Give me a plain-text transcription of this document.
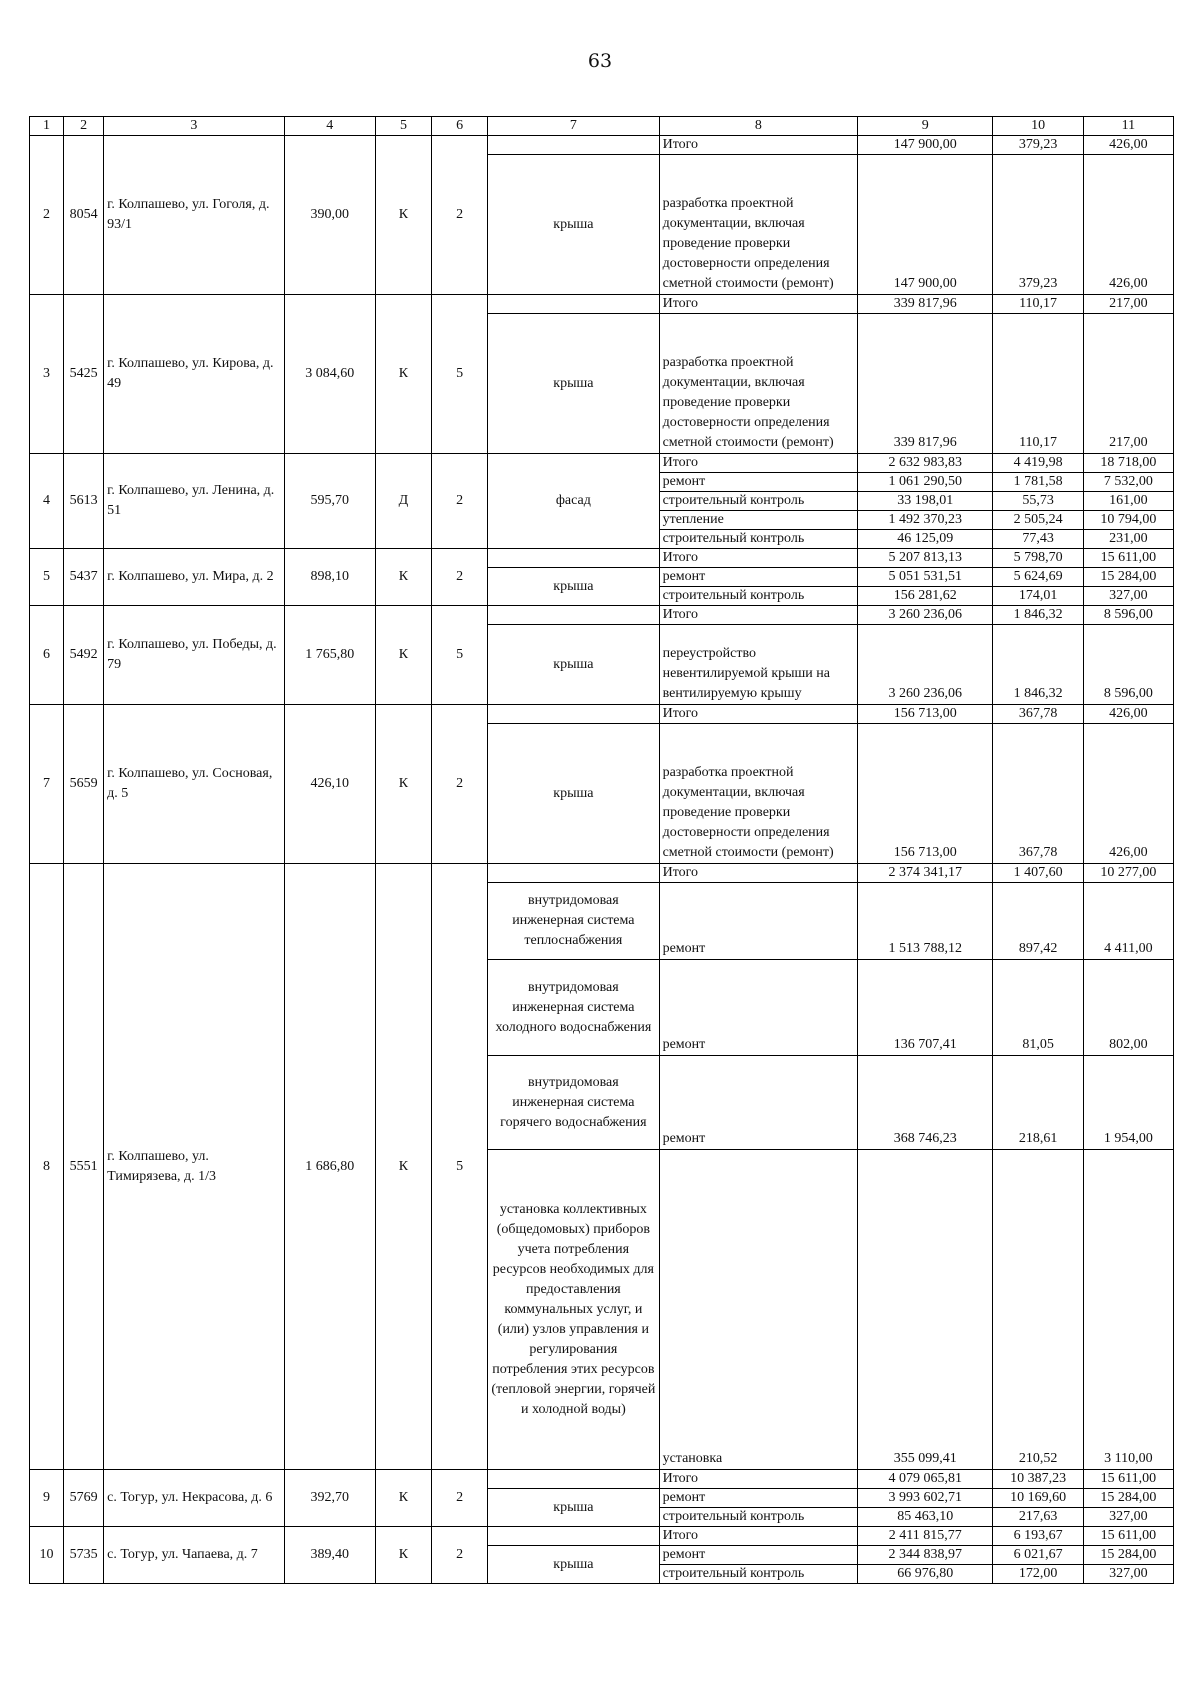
63
1	2	3	4	5	6	7	8	9	10	11
2	8054	г. Колпашево, ул. Гоголя, д. 93/1	390,00	К	2		Итого	147 900,00	379,23	426,00
						крыша	разработка проектной документации, включая проведение проверки достоверности определения сметной стоимости (ремонт)	147 900,00	379,23	426,00
3	5425	г. Колпашево, ул. Кирова, д. 49	3 084,60	К	5		Итого	339 817,96	110,17	217,00
						крыша	разработка проектной документации, включая проведение проверки достоверности определения сметной стоимости (ремонт)	339 817,96	110,17	217,00
4	5613	г. Колпашево, ул. Ленина, д. 51	595,70	Д	2	фасад	Итого	2 632 983,83	4 419,98	18 718,00
							ремонт	1 061 290,50	1 781,58	7 532,00
							строительный контроль	33 198,01	55,73	161,00
							утепление	1 492 370,23	2 505,24	10 794,00
							строительный контроль	46 125,09	77,43	231,00
5	5437	г. Колпашево, ул. Мира, д. 2	898,10	К	2		Итого	5 207 813,13	5 798,70	15 611,00
						крыша	ремонт	5 051 531,51	5 624,69	15 284,00
							строительный контроль	156 281,62	174,01	327,00
6	5492	г. Колпашево, ул. Победы, д. 79	1 765,80	К	5		Итого	3 260 236,06	1 846,32	8 596,00
						крыша	переустройство невентилируемой крыши на вентилируемую крышу	3 260 236,06	1 846,32	8 596,00
7	5659	г. Колпашево, ул. Сосновая, д. 5	426,10	К	2		Итого	156 713,00	367,78	426,00
						крыша	разработка проектной документации, включая проведение проверки достоверности определения сметной стоимости (ремонт)	156 713,00	367,78	426,00
8	5551	г. Колпашево, ул. Тимирязева, д. 1/3	1 686,80	К	5		Итого	2 374 341,17	1 407,60	10 277,00
						внутридомовая инженерная система теплоснабжения	ремонт	1 513 788,12	897,42	4 411,00
						внутридомовая инженерная система холодного водоснабжения	ремонт	136 707,41	81,05	802,00
						внутридомовая инженерная система горячего водоснабжения	ремонт	368 746,23	218,61	1 954,00
						установка коллективных (общедомовых) приборов учета потребления ресурсов необходимых для предоставления коммунальных услуг, и (или) узлов управления и регулирования потребления этих ресурсов (тепловой энергии, горячей и холодной воды)	установка	355 099,41	210,52	3 110,00
9	5769	с. Тогур, ул. Некрасова, д. 6	392,70	К	2		Итого	4 079 065,81	10 387,23	15 611,00
						крыша	ремонт	3 993 602,71	10 169,60	15 284,00
							строительный контроль	85 463,10	217,63	327,00
10	5735	с. Тогур, ул. Чапаева, д. 7	389,40	К	2		Итого	2 411 815,77	6 193,67	15 611,00
						крыша	ремонт	2 344 838,97	6 021,67	15 284,00
							строительный контроль	66 976,80	172,00	327,00
